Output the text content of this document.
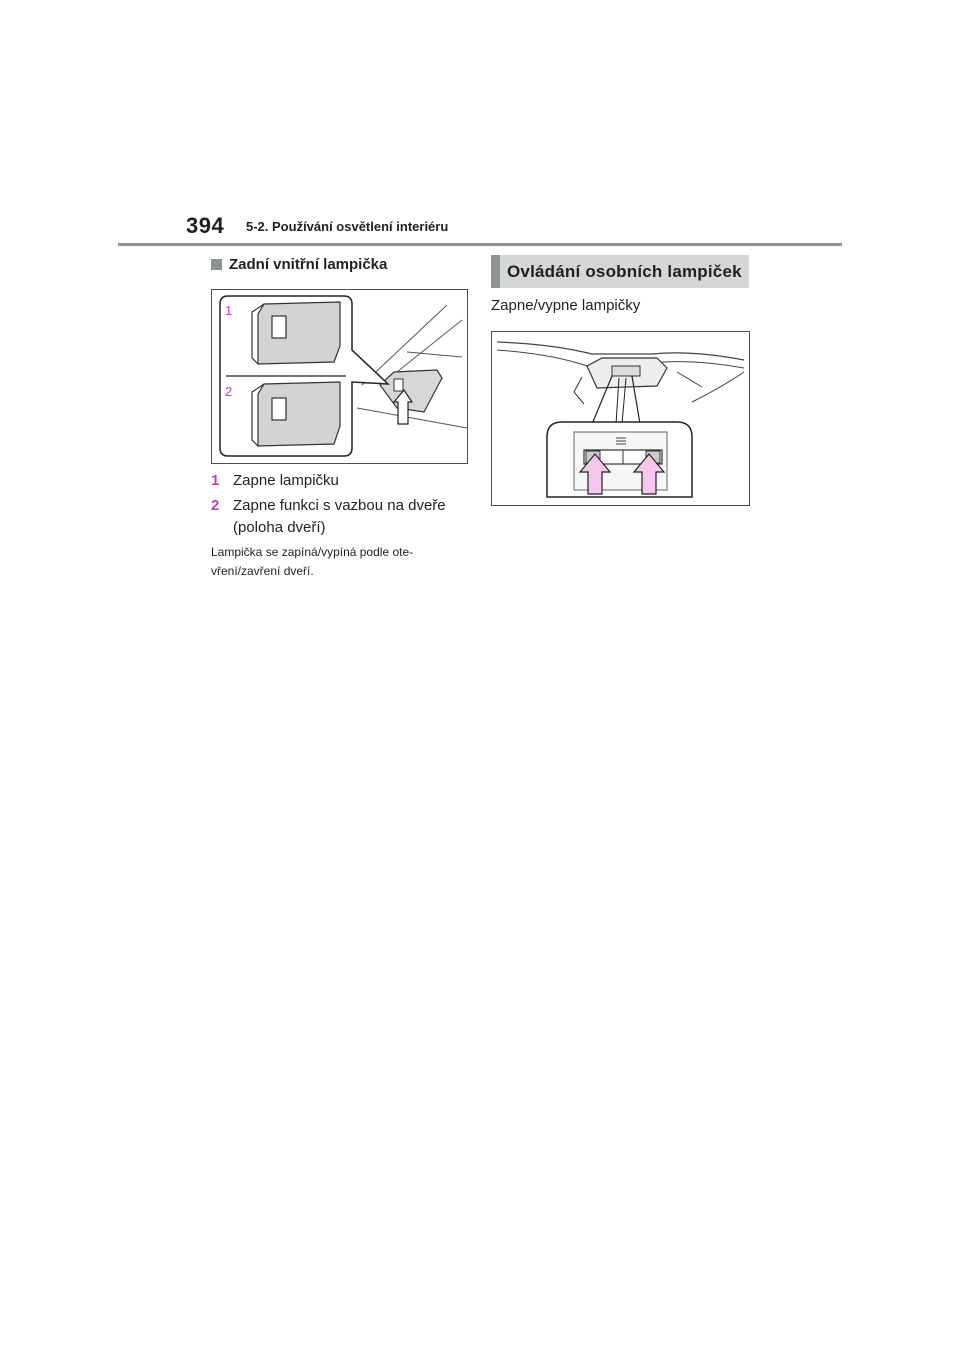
394 5-2. Používání osvětlení interiéru
Zadní vnitřní lampička
1
2
1 Zapne lampičku
2 Zapne funkci s vazbou na dveře (poloha dveří)
Lampička se zapíná/vypíná podle ote-
vření/zavření dveří.
Ovládání osobních lampiček
Zapne/vypne lampičky
